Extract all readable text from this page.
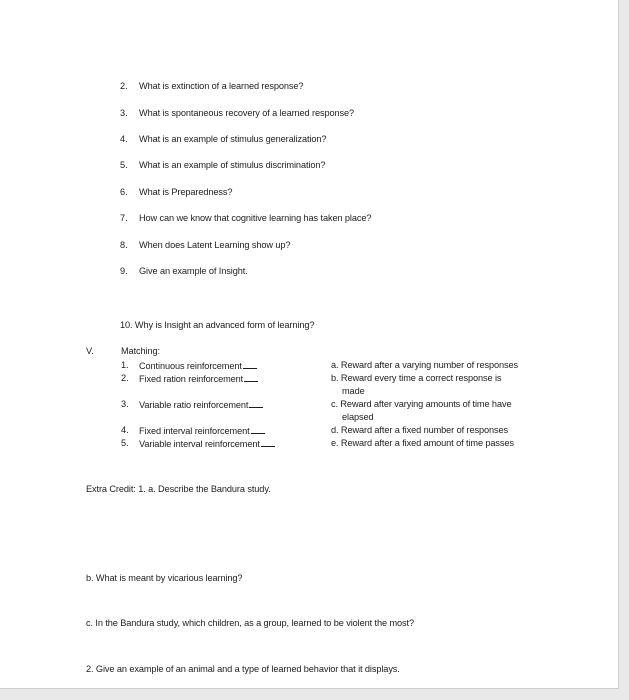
2. What is extinction of a learned response?
3. What is spontaneous recovery of a learned response?
4. What is an example of stimulus generalization?
5. What is an example of stimulus discrimination?
6. What is Preparedness?
7. How can we know that cognitive learning has taken place?
8. When does Latent Learning show up?
9. Give an example of Insight.
10. Why is Insight an advanced form of learning?
V.	Matching:
1. Continuous reinforcement
2. Fixed ration reinforcement
3. Variable ratio reinforcement
4. Fixed interval reinforcement
5. Variable interval reinforcement
a. Reward after a varying number of responses
b. Reward every time a correct response is
made
c. Reward after varying amounts of time have
elapsed
d. Reward after a fixed number of responses
e. Reward after a fixed amount of time passes
Extra Credit: 1. a. Describe the Bandura study.
b. What is meant by vicarious learning?
c. In the Bandura study, which children, as a group, learned to be violent the most?
2. Give an example of an animal and a type of learned behavior that it displays.
